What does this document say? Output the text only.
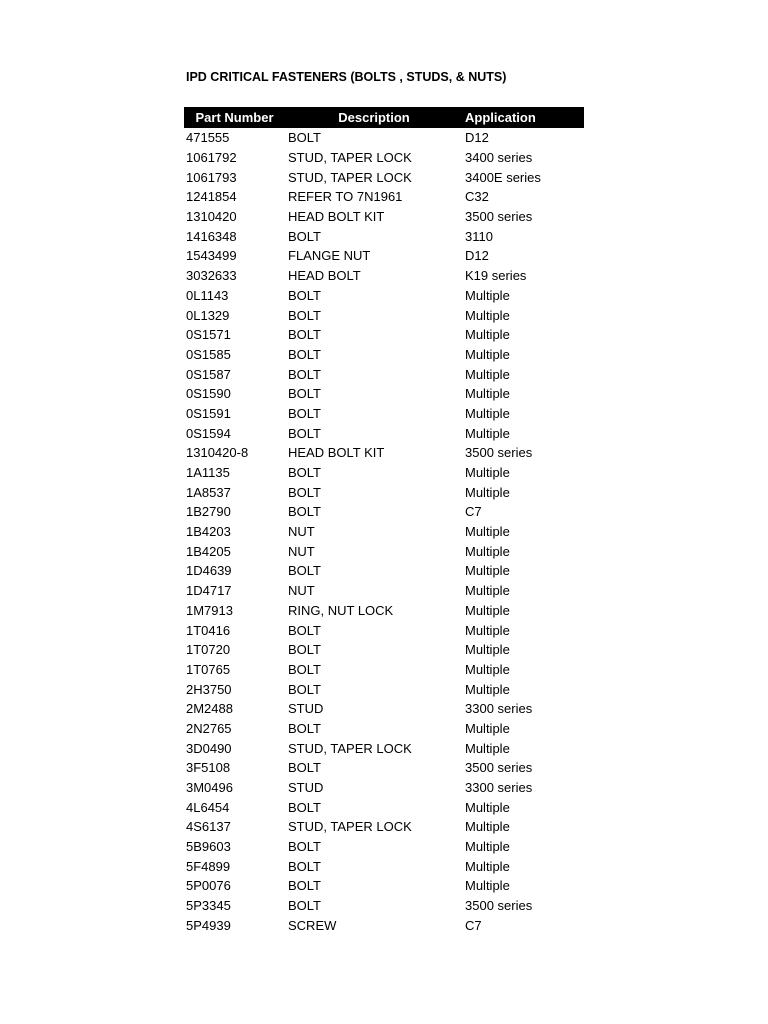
IPD CRITICAL FASTENERS (BOLTS , STUDS, & NUTS)
Part Number	Description	Application
471555	BOLT	D12
1061792	STUD, TAPER LOCK	3400 series
1061793	STUD, TAPER LOCK	3400E series
1241854	REFER TO 7N1961	C32
1310420	HEAD BOLT KIT	3500 series
1416348	BOLT	3110
1543499	FLANGE NUT	D12
3032633	HEAD BOLT	K19 series
0L1143	BOLT	Multiple
0L1329	BOLT	Multiple
0S1571	BOLT	Multiple
0S1585	BOLT	Multiple
0S1587	BOLT	Multiple
0S1590	BOLT	Multiple
0S1591	BOLT	Multiple
0S1594	BOLT	Multiple
1310420-8	HEAD BOLT KIT	3500 series
1A1135	BOLT	Multiple
1A8537	BOLT	Multiple
1B2790	BOLT	C7
1B4203	NUT	Multiple
1B4205	NUT	Multiple
1D4639	BOLT	Multiple
1D4717	NUT	Multiple
1M7913	RING, NUT LOCK	Multiple
1T0416	BOLT	Multiple
1T0720	BOLT	Multiple
1T0765	BOLT	Multiple
2H3750	BOLT	Multiple
2M2488	STUD	3300 series
2N2765	BOLT	Multiple
3D0490	STUD, TAPER LOCK	Multiple
3F5108	BOLT	3500 series
3M0496	STUD	3300 series
4L6454	BOLT	Multiple
4S6137	STUD, TAPER LOCK	Multiple
5B9603	BOLT	Multiple
5F4899	BOLT	Multiple
5P0076	BOLT	Multiple
5P3345	BOLT	3500 series
5P4939	SCREW	C7
